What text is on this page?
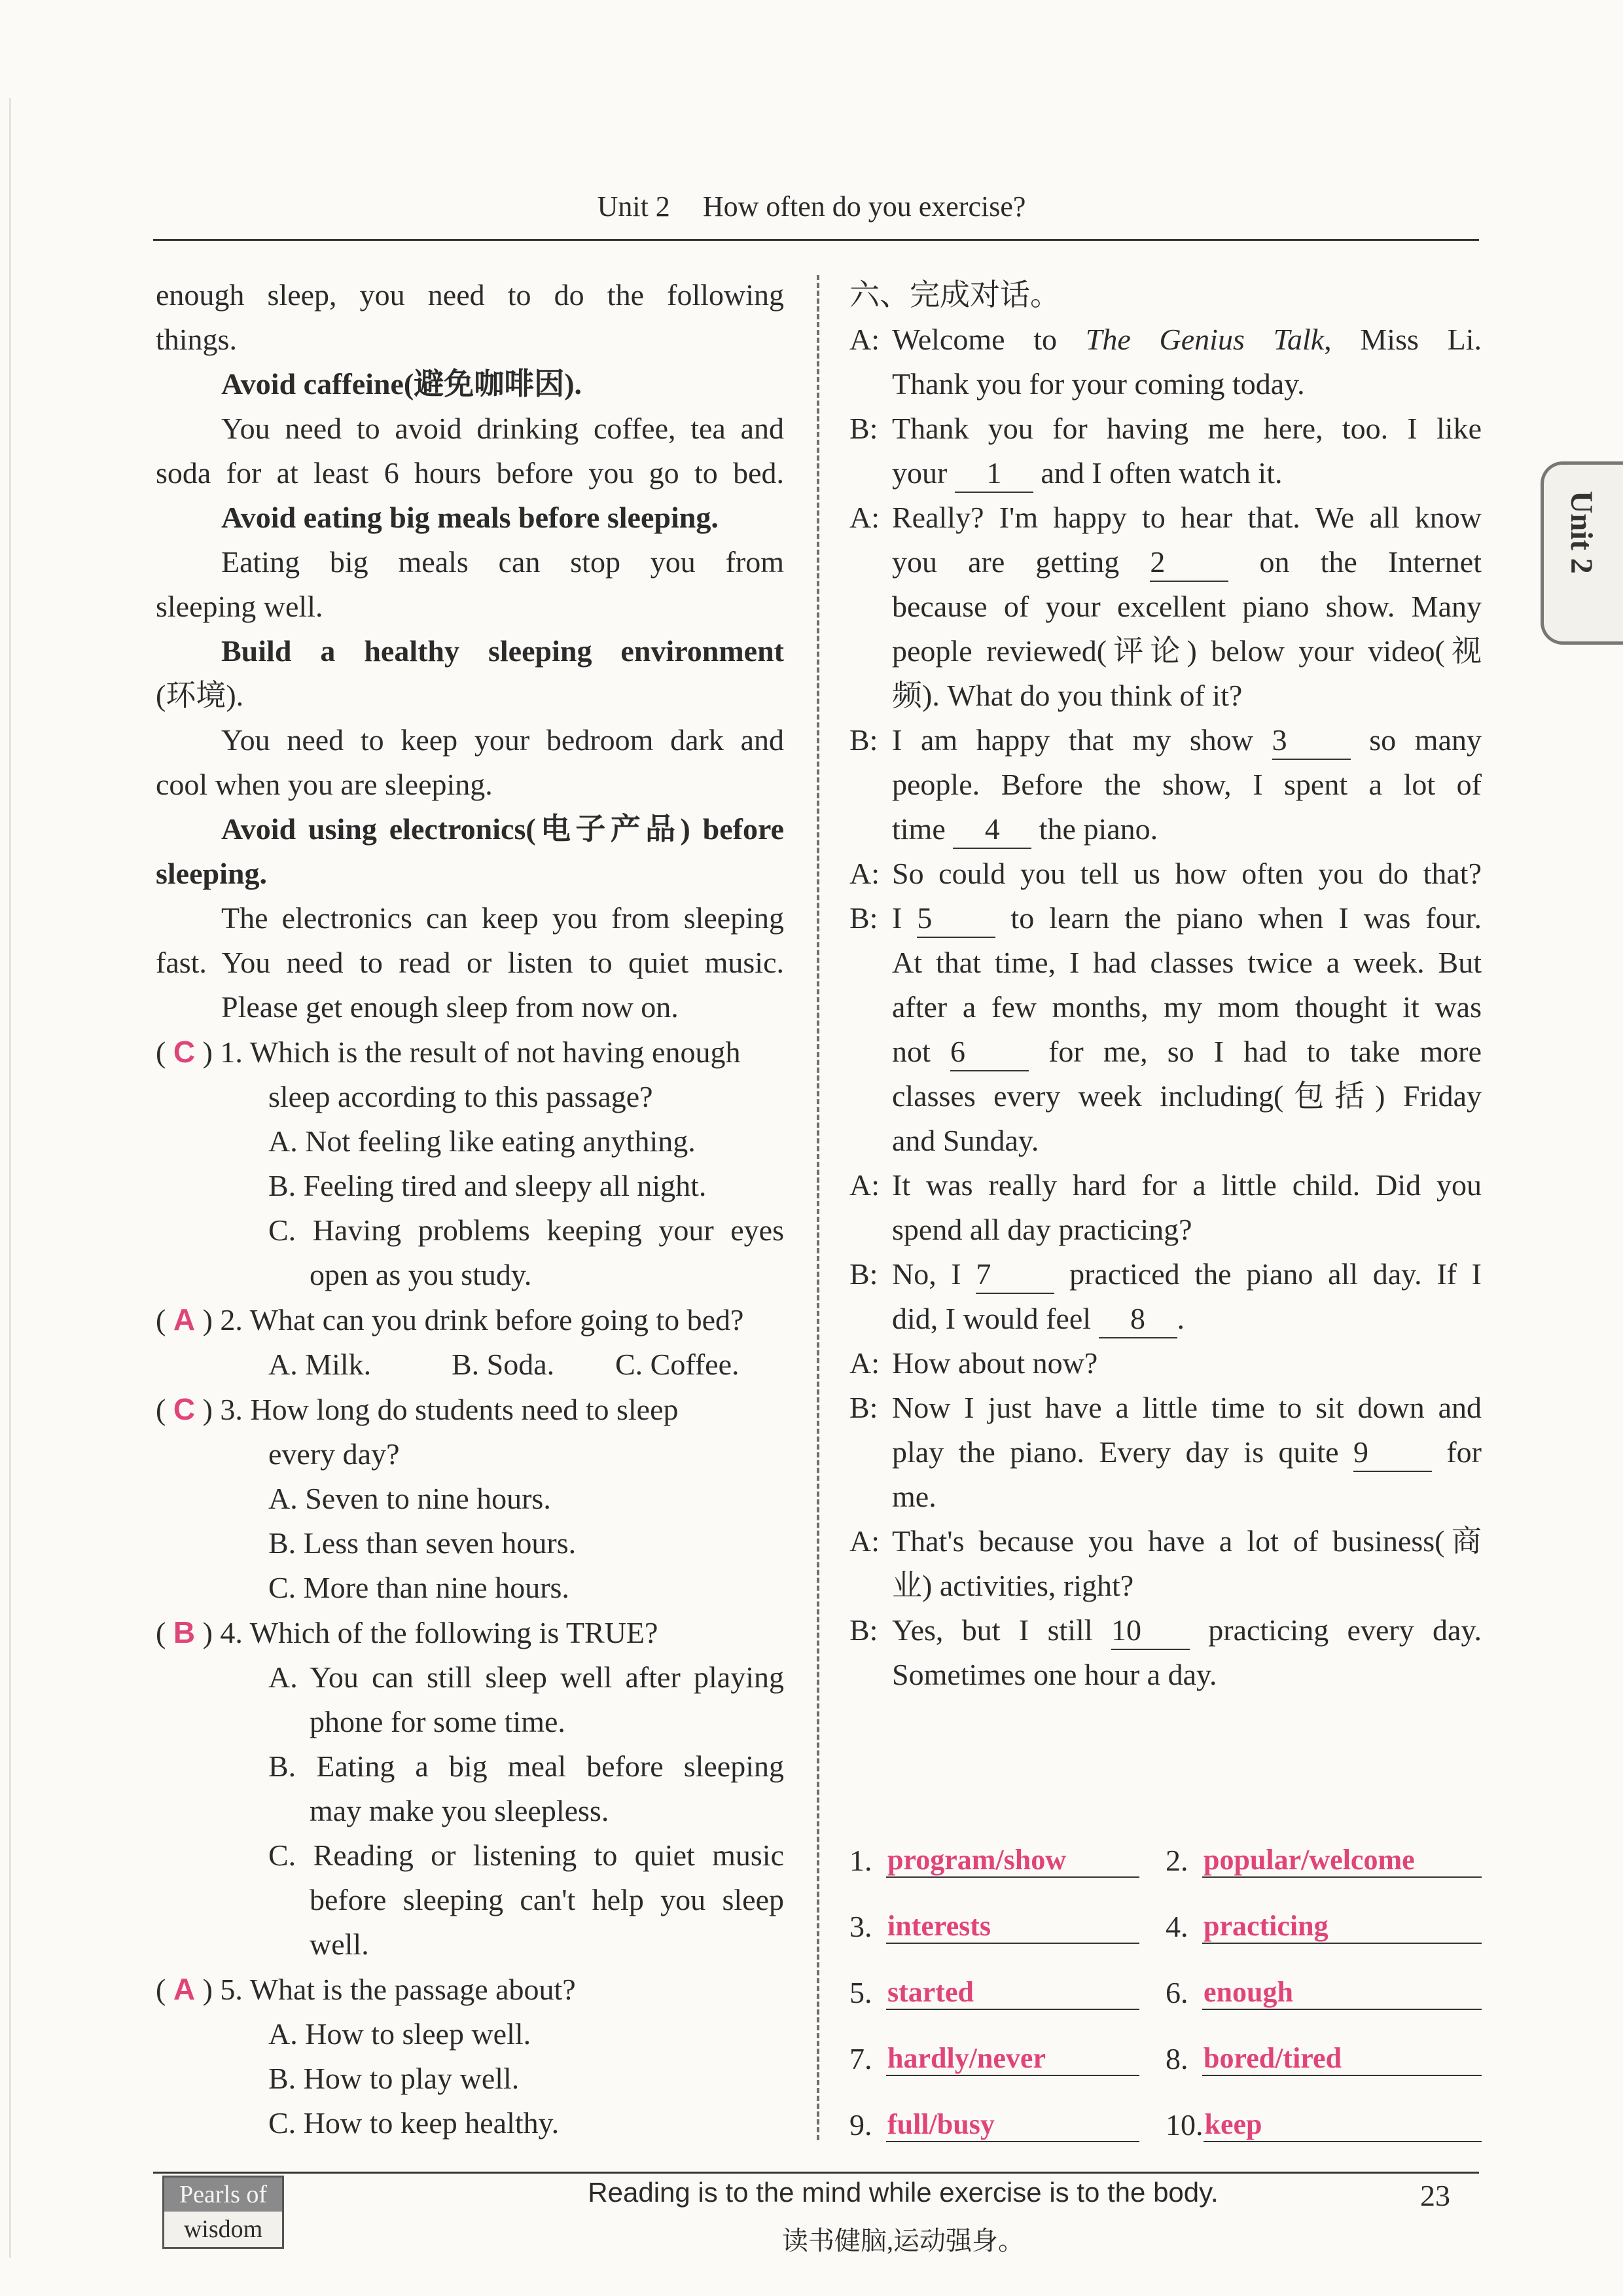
Unit 2 How often do you exercise?
Unit 2
enough sleep, you need to do the following
things.
Avoid caffeine(避免咖啡因).
You need to avoid drinking coffee, tea and
soda for at least 6 hours before you go to bed.
Avoid eating big meals before sleeping.
Eating big meals can stop you from
sleeping well.
Build a healthy sleeping environment
(环境).
You need to keep your bedroom dark and
cool when you are sleeping.
Avoid using electronics(电子产品) before
sleeping.
The electronics can keep you from sleeping
fast. You need to read or listen to quiet music.
Please get enough sleep from now on.
( C ) 1. Which is the result of not having enough
sleep according to this passage?
A. Not feeling like eating anything.
B. Feeling tired and sleepy all night.
C. Having problems keeping your eyes
open as you study.
( A ) 2. What can you drink before going to bed?
A. Milk.	B. Soda.	C. Coffee.
( C ) 3. How long do students need to sleep
every day?
A. Seven to nine hours.
B. Less than seven hours.
C. More than nine hours.
( B ) 4. Which of the following is TRUE?
A. You can still sleep well after playing
phone for some time.
B. Eating a big meal before sleeping
may make you sleepless.
C. Reading or listening to quiet music
before sleeping can't help you sleep
well.
( A ) 5. What is the passage about?
A. How to sleep well.
B. How to play well.
C. How to keep healthy.
六、完成对话。
A: Welcome to The Genius Talk, Miss Li.
Thank you for your coming today.
B: Thank you for having me here, too. I like
your 1 and I often watch it.
A: Really? I'm happy to hear that. We all know
you are getting 2 on the Internet
because of your excellent piano show. Many
people reviewed(评论) below your video(视
频). What do you think of it?
B: I am happy that my show 3 so many
people. Before the show, I spent a lot of
time 4 the piano.
A: So could you tell us how often you do that?
B: I 5 to learn the piano when I was four.
At that time, I had classes twice a week. But
after a few months, my mom thought it was
not 6 for me, so I had to take more
classes every week including(包括) Friday
and Sunday.
A: It was really hard for a little child. Did you
spend all day practicing?
B: No, I 7 practiced the piano all day. If I
did, I would feel 8 .
A: How about now?
B: Now I just have a little time to sit down and
play the piano. Every day is quite 9 for
me.
A: That's because you have a lot of business(商
业) activities, right?
B: Yes, but I still 10 practicing every day.
Sometimes one hour a day.
1. program/show	2. popular/welcome
3. interests	4. practicing
5. started	6. enough
7. hardly/never	8. bored/tired
9. full/busy	10. keep
Pearls of
wisdom
Reading is to the mind while exercise is to the body.
读书健脑,运动强身。
23
